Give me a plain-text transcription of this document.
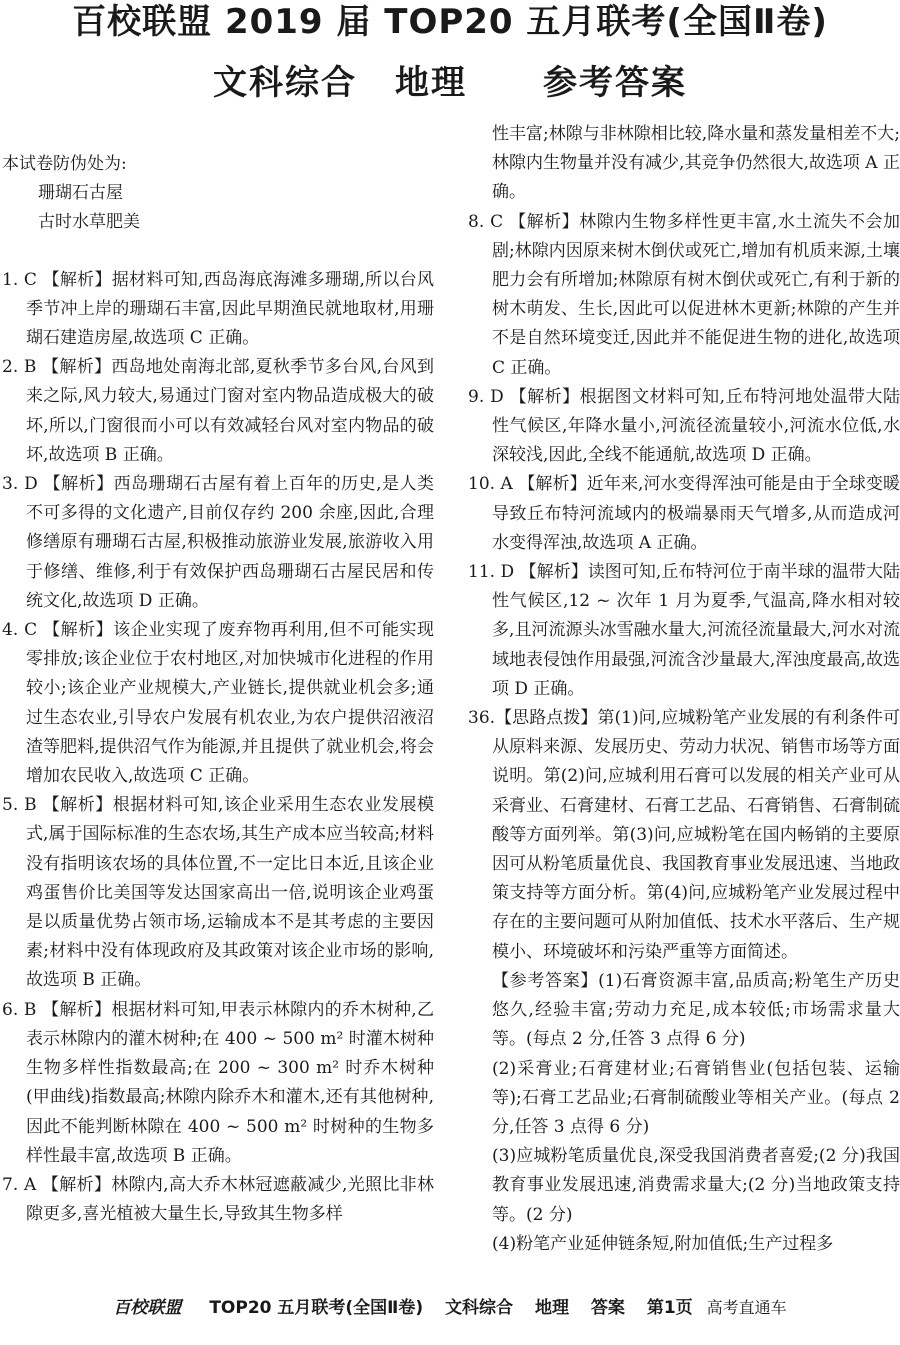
百校联盟 2019 届 TOP20 五月联考(全国Ⅱ卷)
文科综合 地理 参考答案
本试卷防伪处为:
珊瑚石古屋
古时水草肥美

1. C 【解析】据材料可知,西岛海底海滩多珊瑚,所以台风季节冲上岸的珊瑚石丰富,因此早期渔民就地取材,用珊瑚石建造房屋,故选项 C 正确。

2. B 【解析】西岛地处南海北部,夏秋季节多台风,台风到来之际,风力较大,易通过门窗对室内物品造成极大的破坏,所以,门窗很而小可以有效减轻台风对室内物品的破坏,故选项 B 正确。

3. D 【解析】西岛珊瑚石古屋有着上百年的历史,是人类不可多得的文化遗产,目前仅存约 200 余座,因此,合理修缮原有珊瑚石古屋,积极推动旅游业发展,旅游收入用于修缮、维修,利于有效保护西岛珊瑚石古屋民居和传统文化,故选项 D 正确。

4. C 【解析】该企业实现了废弃物再利用,但不可能实现零排放;该企业位于农村地区,对加快城市化进程的作用较小;该企业产业规模大,产业链长,提供就业机会多;通过生态农业,引导农户发展有机农业,为农户提供沼液沼渣等肥料,提供沼气作为能源,并且提供了就业机会,将会增加农民收入,故选项 C 正确。

5. B 【解析】根据材料可知,该企业采用生态农业发展模式,属于国际标准的生态农场,其生产成本应当较高;材料没有指明该农场的具体位置,不一定比日本近,且该企业鸡蛋售价比美国等发达国家高出一倍,说明该企业鸡蛋是以质量优势占领市场,运输成本不是其考虑的主要因素;材料中没有体现政府及其政策对该企业市场的影响,故选项 B 正确。

6. B 【解析】根据材料可知,甲表示林隙内的乔木树种,乙表示林隙内的灌木树种;在 400 ~ 500 m² 时灌木树种生物多样性指数最高;在 200 ~ 300 m² 时乔木树种(甲曲线)指数最高;林隙内除乔木和灌木,还有其他树种,因此不能判断林隙在 400 ~ 500 m² 时树种的生物多样性最丰富,故选项 B 正确。

7. A 【解析】林隙内,高大乔木林冠遮蔽减少,光照比非林隙更多,喜光植被大量生长,导致其生物多样

性丰富;林隙与非林隙相比较,降水量和蒸发量相差不大;林隙内生物量并没有减少,其竞争仍然很大,故选项 A 正确。

8. C 【解析】林隙内生物多样性更丰富,水土流失不会加剧;林隙内因原来树木倒伏或死亡,增加有机质来源,土壤肥力会有所增加;林隙原有树木倒伏或死亡,有利于新的树木萌发、生长,因此可以促进林木更新;林隙的产生并不是自然环境变迁,因此并不能促进生物的进化,故选项 C 正确。

9. D 【解析】根据图文材料可知,丘布特河地处温带大陆性气候区,年降水量小,河流径流量较小,河流水位低,水深较浅,因此,全线不能通航,故选项 D 正确。

10. A 【解析】近年来,河水变得浑浊可能是由于全球变暖导致丘布特河流域内的极端暴雨天气增多,从而造成河水变得浑浊,故选项 A 正确。

11. D 【解析】读图可知,丘布特河位于南半球的温带大陆性气候区,12 ~ 次年 1 月为夏季,气温高,降水相对较多,且河流源头冰雪融水量大,河流径流量最大,河水对流域地表侵蚀作用最强,河流含沙量最大,浑浊度最高,故选项 D 正确。

36.【思路点拨】第(1)问,应城粉笔产业发展的有利条件可从原料来源、发展历史、劳动力状况、销售市场等方面说明。第(2)问,应城利用石膏可以发展的相关产业可从采膏业、石膏建材、石膏工艺品、石膏销售、石膏制硫酸等方面列举。第(3)问,应城粉笔在国内畅销的主要原因可从粉笔质量优良、我国教育事业发展迅速、当地政策支持等方面分析。第(4)问,应城粉笔产业发展过程中存在的主要问题可从附加值低、技术水平落后、生产规模小、环境破坏和污染严重等方面简述。

【参考答案】(1)石膏资源丰富,品质高;粉笔生产历史悠久,经验丰富;劳动力充足,成本较低;市场需求量大等。(每点 2 分,任答 3 点得 6 分)

(2)采膏业;石膏建材业;石膏销售业(包括包装、运输等);石膏工艺品业;石膏制硫酸业等相关产业。(每点 2 分,任答 3 点得 6 分)

(3)应城粉笔质量优良,深受我国消费者喜爱;(2 分)我国教育事业发展迅速,消费需求量大;(2 分)当地政策支持等。(2 分)

(4)粉笔产业延伸链条短,附加值低;生产过程多

百校联盟 TOP20 五月联考(全国Ⅱ卷) 文科综合 地理 答案 第1页 高考直通车
